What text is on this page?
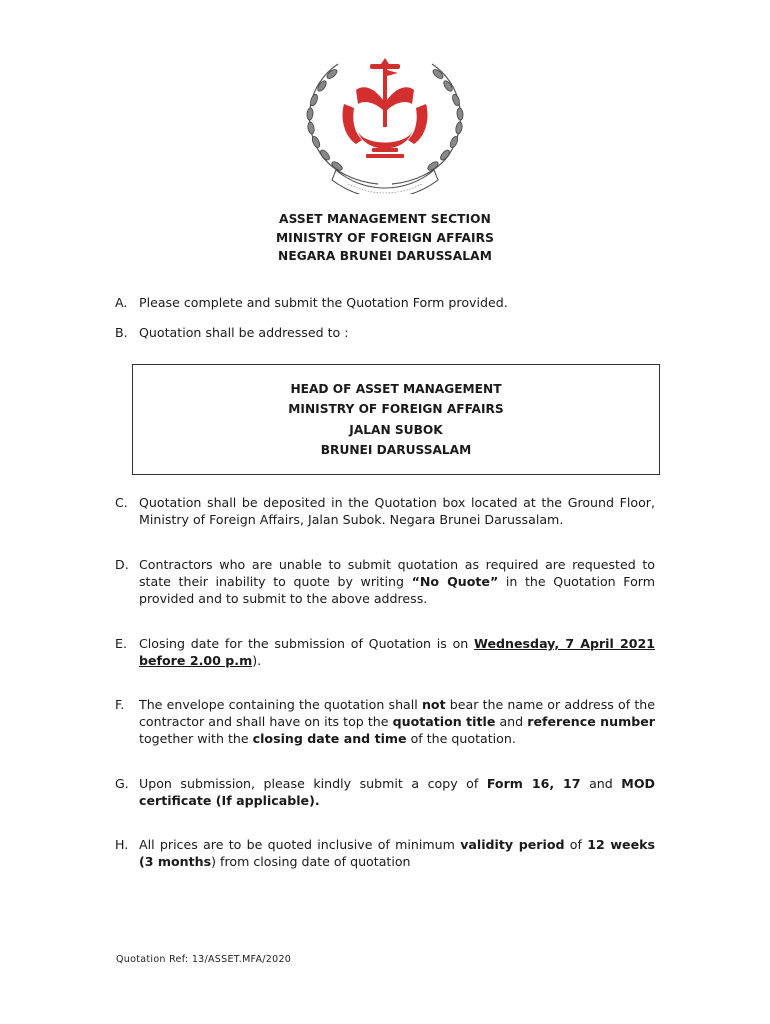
ASSET MANAGEMENT SECTION
MINISTRY OF FOREIGN AFFAIRS
NEGARA BRUNEI DARUSSALAM
A. Please complete and submit the Quotation Form provided.
B. Quotation shall be addressed to :
HEAD OF ASSET MANAGEMENT
MINISTRY OF FOREIGN AFFAIRS
JALAN SUBOK
BRUNEI DARUSSALAM
C. Quotation shall be deposited in the Quotation box located at the Ground Floor, Ministry of Foreign Affairs, Jalan Subok. Negara Brunei Darussalam.
D. Contractors who are unable to submit quotation as required are requested to state their inability to quote by writing “No Quote” in the Quotation Form provided and to submit to the above address.
E. Closing date for the submission of Quotation is on Wednesday, 7 April 2021 before 2.00 p.m).
F. The envelope containing the quotation shall not bear the name or address of the contractor and shall have on its top the quotation title and reference number together with the closing date and time of the quotation.
G. Upon submission, please kindly submit a copy of Form 16, 17 and MOD certificate (If applicable).
H. All prices are to be quoted inclusive of minimum validity period of 12 weeks (3 months) from closing date of quotation
Quotation Ref: 13/ASSET.MFA/2020
